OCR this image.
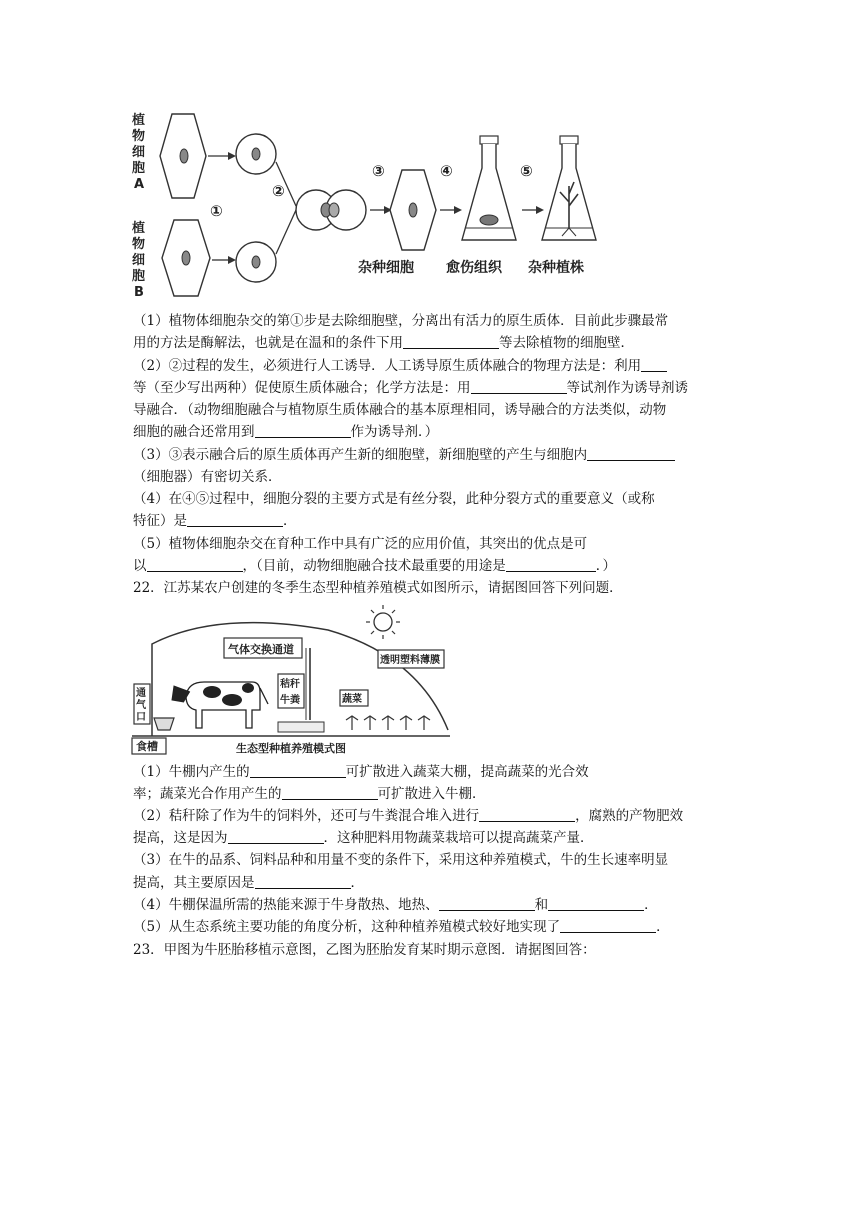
植
物
细
胞
A
植
物
细
胞
B
①
②
③	④	⑤
杂种细胞 愈伤组织 杂种植株
（1）植物体细胞杂交的第①步是去除细胞壁，分离出有活力的原生质体．目前此步骤最常
用的方法是酶解法，也就是在温和的条件下用	等去除植物的细胞壁．
（2）②过程的发生，必须进行人工诱导．人工诱导原生质体融合的物理方法是：利用
等（至少写出两种）促使原生质体融合；化学方法是：用	等试剂作为诱导剂诱
导融合．（动物细胞融合与植物原生质体融合的基本原理相同，诱导融合的方法类似，动物
细胞的融合还常用到	作为诱导剂．）
（3）③表示融合后的原生质体再产生新的细胞壁，新细胞壁的产生与细胞内
（细胞器）有密切关系．
（4）在④⑤过程中，细胞分裂的主要方式是有丝分裂，此种分裂方式的重要意义（或称
特征）是	．
（5）植物体细胞杂交在育种工作中具有广泛的应用价值，其突出的优点是可
以	，（目前，动物细胞融合技术最重要的用途是	．）
22．江苏某农户创建的冬季生态型种植养殖模式如图所示，请据图回答下列问题．
气体交换通道
透明塑料薄膜
通
气
口
食槽
秸秆
牛粪	蔬菜
生态型种植养殖模式图
（1）牛棚内产生的	可扩散进入蔬菜大棚，提高蔬菜的光合效
率；蔬菜光合作用产生的	可扩散进入牛棚．
（2）秸秆除了作为牛的饲料外，还可与牛粪混合堆入进行	，腐熟的产物肥效
提高，这是因为	．这种肥料用物蔬菜栽培可以提高蔬菜产量．
（3）在牛的品系、饲料品种和用量不变的条件下，采用这种养殖模式，牛的生长速率明显
提高，其主要原因是	．
（4）牛棚保温所需的热能来源于牛身散热、地热、	和	．
（5）从生态系统主要功能的角度分析，这种种植养殖模式较好地实现了	．
23．甲图为牛胚胎移植示意图，乙图为胚胎发育某时期示意图．请据图回答：
